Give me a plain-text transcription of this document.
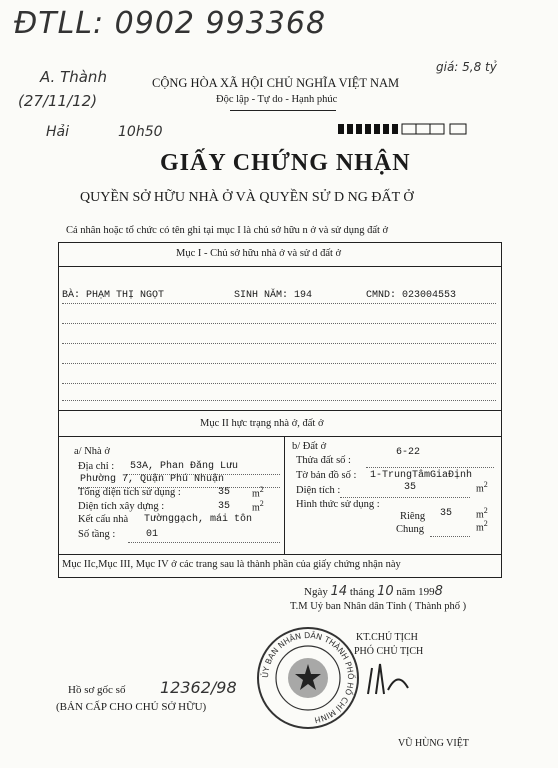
ĐTLL: 0902 993368
A. Thành
(27/11/12)
Hải	10h50
giá: 5,8 tỷ
CỘNG HÒA XÃ HỘI CHỦ NGHĨA VIỆT NAM
Độc lập - Tự do - Hạnh phúc
GIẤY CHỨNG NHẬN
QUYỀN SỞ HỮU NHÀ Ở VÀ QUYỀN SỬ D NG ĐẤT Ở
Cá nhân hoặc tổ chức có tên ghi tại mục I là chủ sở hữu n ở và sử dụng đất ở
Mục I - Chủ sở hữu nhà ở và sử d đất ở
BÀ: PHẠM THỊ NGỌT	SINH NĂM: 194	CMND: 023004553
Mục II hực trạng nhà ở, đất ở
a/ Nhà ở
Địa chỉ : 53A, Phan Đăng Lưu
Phường 7, Quận Phú Nhuận
Tổng diện tích sử dụng :	35 $m^2$
Diện tích xây dựng :	35 $m^2$
Kết cấu nhà Tườnggạch, mái tôn
Số tầng :	01
b/ Đất ở
Thửa đất số :
6-22
Tờ bản đồ số : 1-TrungTâmGiaĐịnh
Diện tích :	35	$m^2$
Hình thức sử dụng :
Riêng 35 $m^2$
Chung	$m^2$
Mục IIc,Mục III, Mục IV ở các trang sau là thành phần của giấy chứng nhận này
Ngày 14 tháng 10 năm 1998
T.M Uỷ ban Nhân dân Tỉnh ( Thành phố )
ỦY BAN NHÂN DÂN THÀNH PHỐ HỒ CHÍ MINH
KT.CHỦ TỊCH
PHÓ CHỦ TỊCH
VŨ HÙNG VIỆT
Hồ sơ gốc số 12362/98
(BẢN CẤP CHO CHỦ SỞ HỮU)
